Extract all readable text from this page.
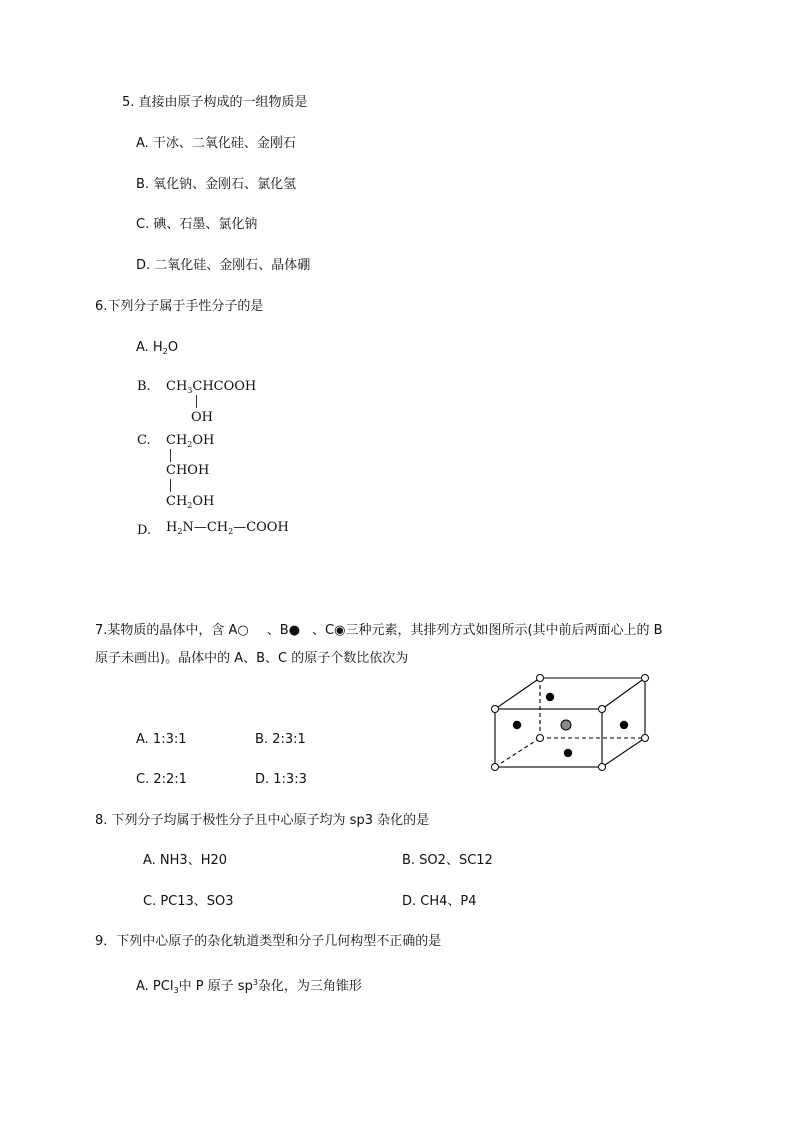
5. 直接由原子构成的一组物质是
A. 干冰、二氧化硅、金刚石
B. 氧化钠、金刚石、氯化氢
C. 碘、石墨、氯化钠
D. 二氧化硅、金刚石、晶体硼
6.下列分子属于手性分子的是
A. $H_2O$
B. $CH_3CHCOOH$
OH
C. $CH_2OH$
CHOH
$CH_2OH$
D. $H_2N—CH_2—COOH$
7.某物质的晶体中，含 A○ 、B● 、C◉三种元素，其排列方式如图所示(其中前后两面心上的 B
原子未画出)。晶体中的 A、B、C 的原子个数比依次为
A. 1:3:1	B. 2:3:1
C. 2:2:1	D. 1:3:3
8. 下列分子均属于极性分子且中心原子均为 sp3 杂化的是
A. NH3、H20	B. SO2、SC12
C. PC13、SO3	D. CH4、P4
9．下列中心原子的杂化轨道类型和分子几何构型不正确的是
A. PCl$_3$中 P 原子 $sp^3$杂化，为三角锥形
